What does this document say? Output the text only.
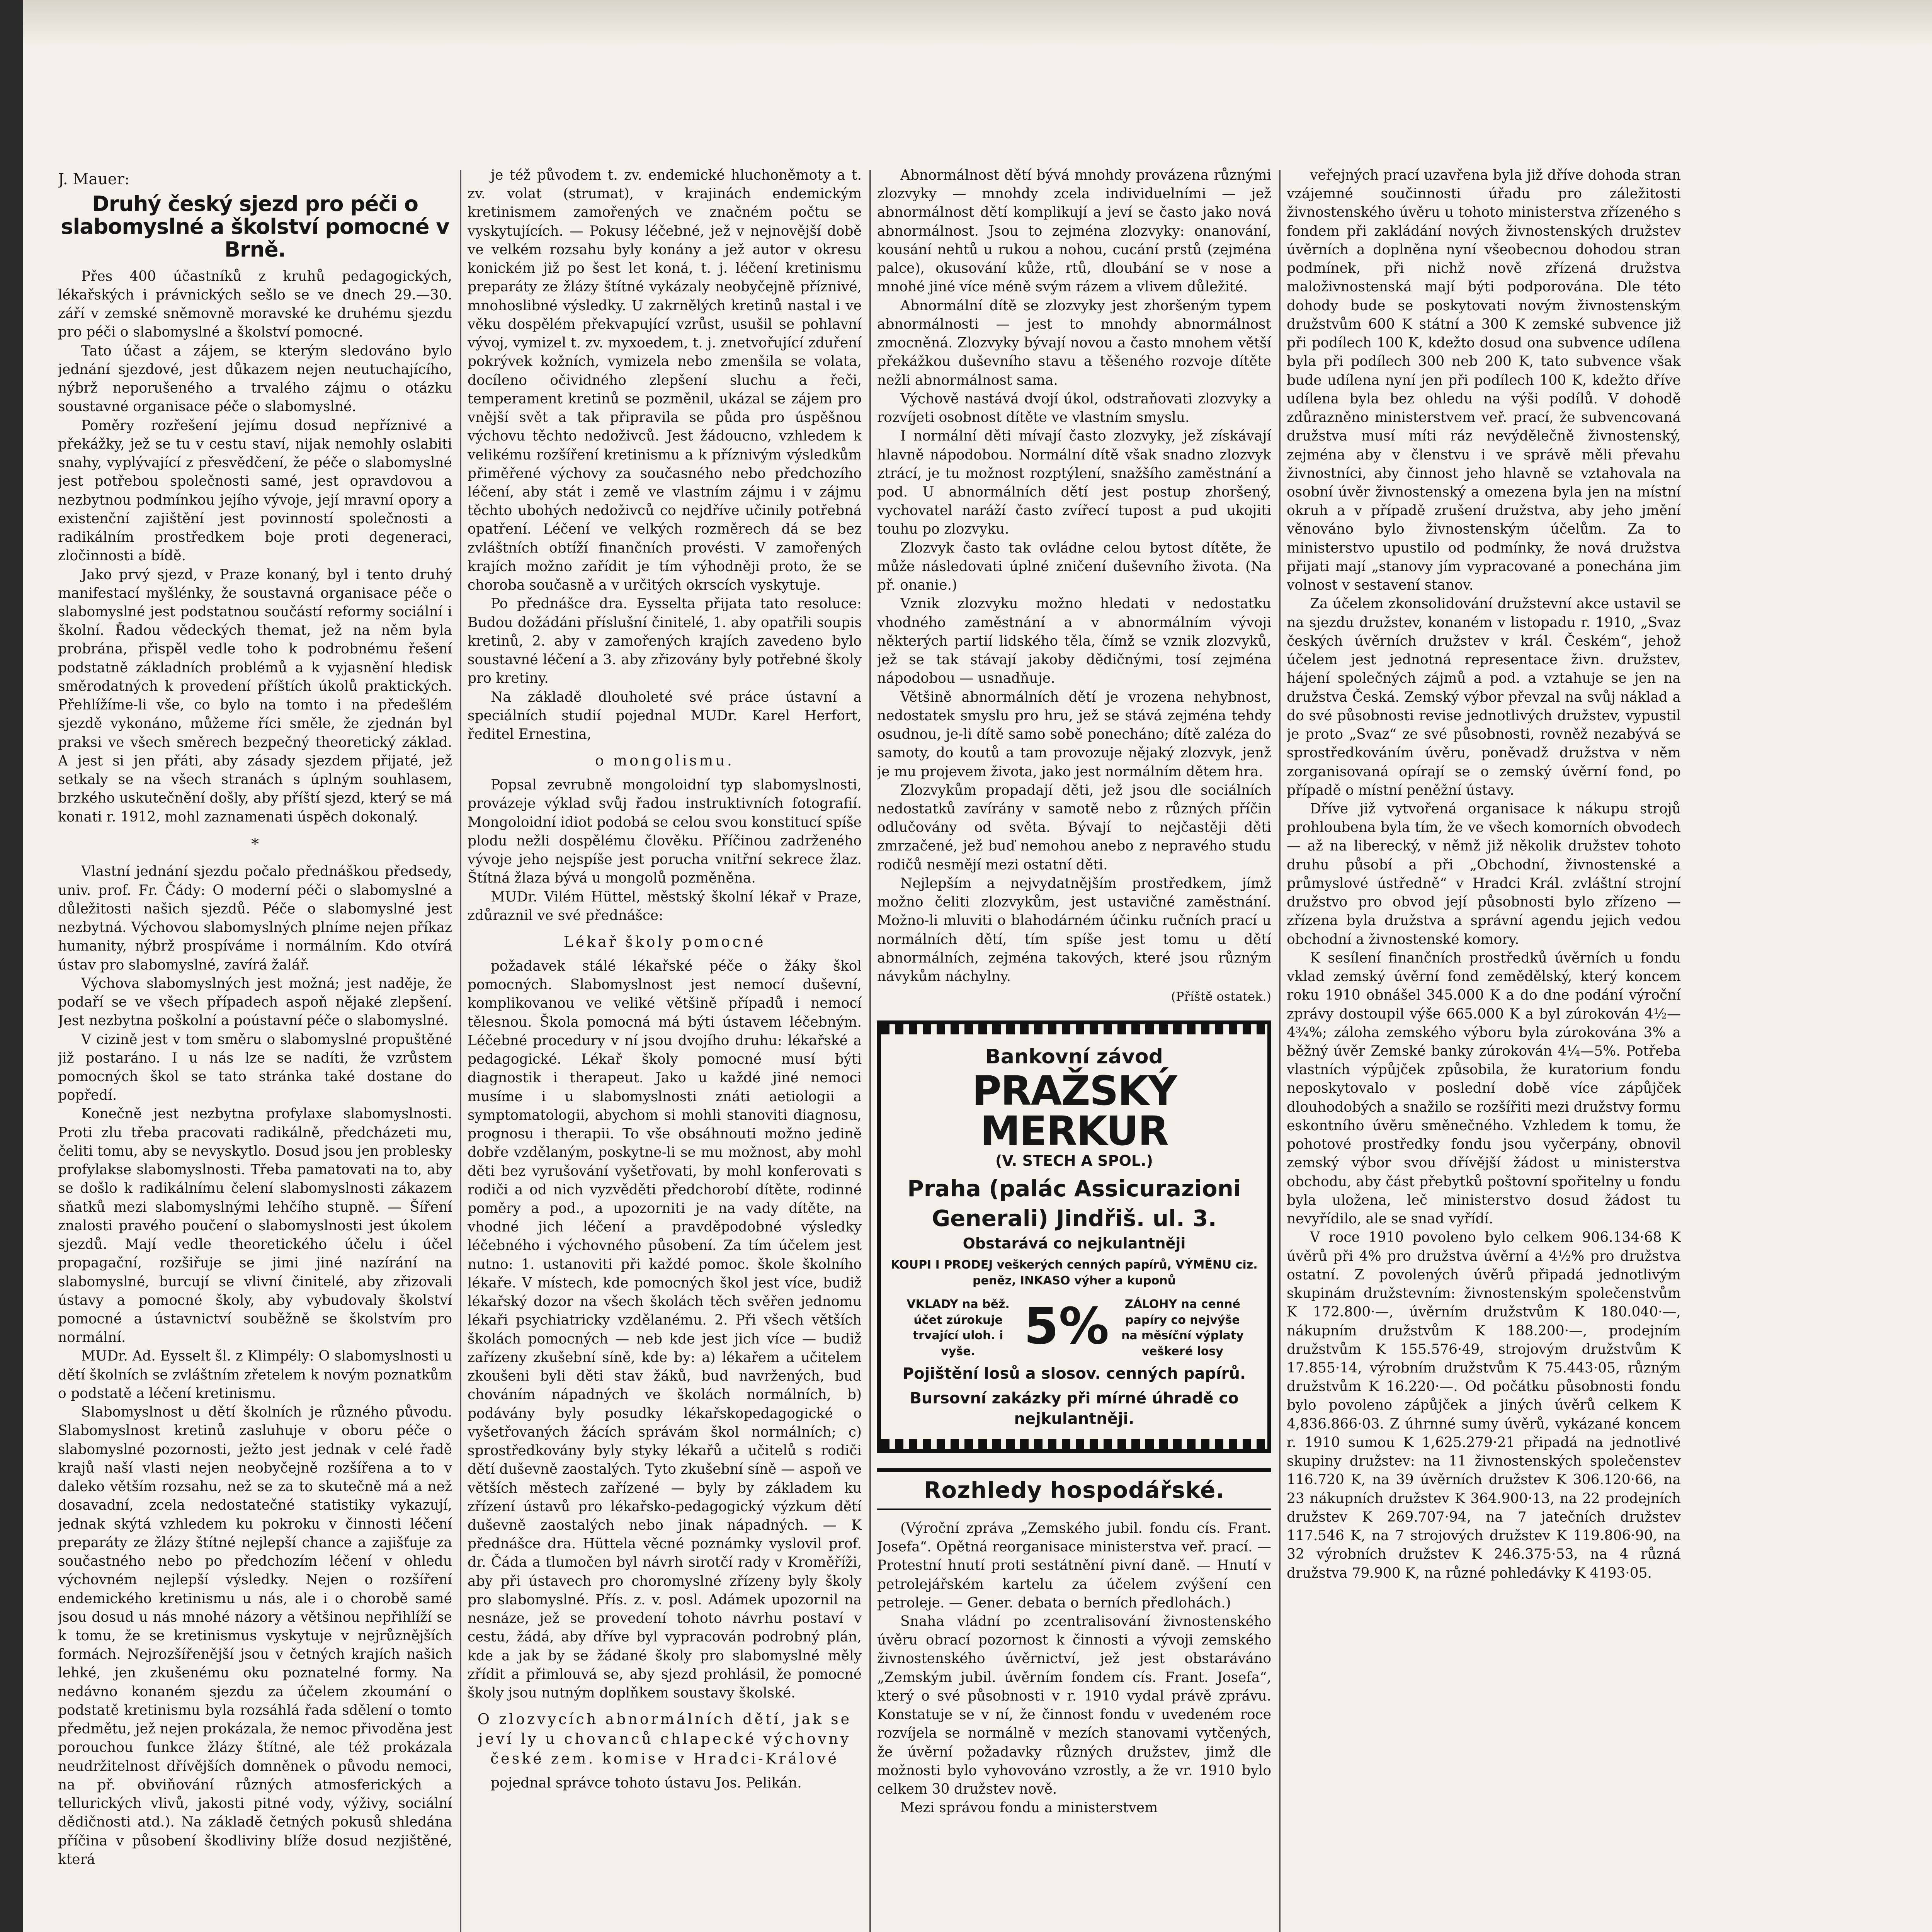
J. Mauer:

Druhý český sjezd pro péči o slabomyslné a školství pomocné v Brně.

Přes 400 účastníků z kruhů pedagogických, lékařských i právnických sešlo se ve dnech 29.—30. září v zemské sněmovně moravské ke druhému sjezdu pro péči o slabomyslné a školství pomocné.

Tato účast a zájem, se kterým sledováno bylo jednání sjezdové, jest důkazem nejen neutuchajícího, nýbrž neporušeného a trvalého zájmu o otázku soustavné organisace péče o slabomyslné.

Poměry rozřešení jejímu dosud nepříznivé a překážky, jež se tu v cestu staví, nijak nemohly oslabiti snahy, vyplývající z přesvědčení, že péče o slabomyslné jest potřebou společnosti samé, jest opravdovou a nezbytnou podmínkou jejího vývoje, její mravní opory a existenční zajištění jest povinností společnosti a radikálním prostředkem boje proti degeneraci, zločinnosti a bídě.

Jako prvý sjezd, v Praze konaný, byl i tento druhý manifestací myšlénky, že soustavná organisace péče o slabomyslné jest podstatnou součástí reformy sociální i školní. Řadou vědeckých themat, jež na něm byla probrána, přispěl vedle toho k podrobnému řešení podstatně základních problémů a k vyjasnění hledisk směrodatných k provedení příštích úkolů praktických. Přehlížíme-li vše, co bylo na tomto i na předešlém sjezdě vykonáno, můžeme říci směle, že zjednán byl praksi ve všech směrech bezpečný theoretický základ. A jest si jen přáti, aby zásady sjezdem přijaté, jež setkaly se na všech stranách s úplným souhlasem, brzkého uskutečnění došly, aby příští sjezd, který se má konati r. 1912, mohl zaznamenati úspěch dokonalý.

*

Vlastní jednání sjezdu počalo přednáškou předsedy, univ. prof. Fr. Čády: O moderní péči o slabomyslné a důležitosti našich sjezdů. Péče o slabomyslné jest nezbytná. Výchovou slabomyslných plníme nejen příkaz humanity, nýbrž prospíváme i normálním. Kdo otvírá ústav pro slabomyslné, zavírá žalář.

Výchova slabomyslných jest možná; jest naděje, že podaří se ve všech případech aspoň nějaké zlepšení. Jest nezbytna poškolní a poústavní péče o slabomyslné.

V cizině jest v tom směru o slabomyslné propuštěné již postaráno. I u nás lze se nadíti, že vzrůstem pomocných škol se tato stránka také dostane do popředí.

Konečně jest nezbytna profylaxe slabomyslnosti. Proti zlu třeba pracovati radikálně, předcházeti mu, čeliti tomu, aby se nevyskytlo. Dosud jsou jen problesky profylakse slabomyslnosti. Třeba pamatovati na to, aby se došlo k radikálnímu čelení slabomyslnosti zákazem sňatků mezi slabomyslnými lehčího stupně. — Šíření znalosti pravého poučení o slabomyslnosti jest úkolem sjezdů. Mají vedle theoretického účelu i účel propagační, rozšiřuje se jimi jiné nazírání na slabomyslné, burcují se vlivní činitelé, aby zřizovali ústavy a pomocné školy, aby vybudovaly školství pomocné a ústavnictví souběžně se školstvím pro normální.

MUDr. Ad. Eysselt šl. z Klimpély: O slabomyslnosti u dětí školních se zvláštním zřetelem k novým poznatkům o podstatě a léčení kretinismu.

Slabomyslnost u dětí školních je různého původu. Slabomyslnost kretinů zasluhuje v oboru péče o slabomyslné pozornosti, ježto jest jednak v celé řadě krajů naší vlasti nejen neobyčejně rozšířena a to v daleko větším rozsahu, než se za to skutečně má a než dosavadní, zcela nedostatečné statistiky vykazují, jednak skýtá vzhledem ku pokroku v činnosti léčení preparáty ze žlázy štítné nejlepší chance a zajišťuje za součastného nebo po předchozím léčení v ohledu výchovném nejlepší výsledky. Nejen o rozšíření endemického kretinismu u nás, ale i o chorobě samé jsou dosud u nás mnohé názory a většinou nepřihlíží se k tomu, že se kretinismus vyskytuje v nejrůznějších formách. Nejrozšířenější jsou v četných krajích našich lehké, jen zkušenému oku poznatelné formy. Na nedávno konaném sjezdu za účelem zkoumání o podstatě kretinismu byla rozsáhlá řada sdělení o tomto předmětu, jež nejen prokázala, že nemoc přivoděna jest porouchou funkce žlázy štítné, ale též prokázala neudržitelnost dřívějších domněnek o původu nemoci, na př. obviňování různých atmosferických a tellurických vlivů, jakosti pitné vody, výživy, sociální dědičnosti atd.). Na základě četných pokusů shledána příčina v působení škodliviny blíže dosud nezjištěné, která

je též původem t. zv. endemické hluchoněmoty a t. zv. volat (strumat), v krajinách endemickým kretinismem zamořených ve značném počtu se vyskytujících. — Pokusy léčebné, jež v nejnovější době ve velkém rozsahu byly konány a jež autor v okresu konickém již po šest let koná, t. j. léčení kretinismu preparáty ze žlázy štítné vykázaly neobyčejně příznivé, mnohoslibné výsledky. U zakrnělých kretinů nastal i ve věku dospělém překvapující vzrůst, usušil se pohlavní vývoj, vymizel t. zv. myxoedem, t. j. znetvořující zduření pokrývek kožních, vymizela nebo zmenšila se volata, docíleno očividného zlepšení sluchu a řeči, temperament kretinů se pozměnil, ukázal se zájem pro vnější svět a tak připravila se půda pro úspěšnou výchovu těchto nedoživců. Jest žádoucno, vzhledem k velikému rozšíření kretinismu a k příznivým výsledkům přiměřené výchovy za současného nebo předchozího léčení, aby stát i země ve vlastním zájmu i v zájmu těchto ubohých nedoživců co nejdříve učinily potřebná opatření. Léčení ve velkých rozměrech dá se bez zvláštních obtíží finančních provésti. V zamořených krajích možno zařídit je tím výhodněji proto, že se choroba současně a v určitých okrscích vyskytuje.

Po přednášce dra. Eysselta přijata tato resoluce: Budou dožádáni příslušní činitelé, 1. aby opatřili soupis kretinů, 2. aby v zamořených krajích zavedeno bylo soustavné léčení a 3. aby zřizovány byly potřebné školy pro kretiny.

Na základě dlouholeté své práce ústavní a speciálních studií pojednal MUDr. Karel Herfort, ředitel Ernestina,

o mongolismu.

Popsal zevrubně mongoloidní typ slabomyslnosti, provázeje výklad svůj řadou instruktivních fotografií. Mongoloidní idiot podobá se celou svou konstitucí spíše plodu nežli dospělému člověku. Příčinou zadrženého vývoje jeho nejspíše jest porucha vnitřní sekrece žlaz. Štítná žlaza bývá u mongolů pozměněna.

MUDr. Vilém Hüttel, městský školní lékař v Praze, zdůraznil ve své přednášce:

Lékař školy pomocné

požadavek stálé lékařské péče o žáky škol pomocných. Slabomyslnost jest nemocí duševní, komplikovanou ve veliké většině případů i nemocí tělesnou. Škola pomocná má býti ústavem léčebným. Léčebné procedury v ní jsou dvojího druhu: lékařské a pedagogické. Lékař školy pomocné musí býti diagnostik i therapeut. Jako u každé jiné nemoci musíme i u slabomyslnosti znáti aetiologii a symptomatologii, abychom si mohli stanoviti diagnosu, prognosu i therapii. To vše obsáhnouti možno jedině dobře vzdělaným, poskytne-li se mu možnost, aby mohl děti bez vyrušování vyšetřovati, by mohl konferovati s rodiči a od nich vyzvěděti předchorobí dítěte, rodinné poměry a pod., a upozorniti je na vady dítěte, na vhodné jich léčení a pravděpodobné výsledky léčebného i výchovného působení. Za tím účelem jest nutno: 1. ustanoviti při každé pomoc. škole školního lékaře. V místech, kde pomocných škol jest více, budiž lékařský dozor na všech školách těch svěřen jednomu lékaři psychiatricky vzdělanému. 2. Při všech větších školách pomocných — neb kde jest jich více — budiž zařízeny zkušební síně, kde by: a) lékařem a učitelem zkoušeni byli děti stav žáků, bud navržených, bud chováním nápadných ve školách normálních, b) podávány byly posudky lékařskopedagogické o vyšetřovaných žácích správám škol normálních; c) sprostředkovány byly styky lékařů a učitelů s rodiči dětí duševně zaostalých. Tyto zkušební síně — aspoň ve větších městech zařízené — byly by základem ku zřízení ústavů pro lékařsko-pedagogický výzkum dětí duševně zaostalých nebo jinak nápadných. — K přednášce dra. Hüttela věcné poznámky vyslovil prof. dr. Čáda a tlumočen byl návrh sirotčí rady v Kroměříži, aby při ústavech pro choromyslné zřízeny byly školy pro slabomyslné. Přís. z. v. posl. Adámek upozornil na nesnáze, jež se provedení tohoto návrhu postaví v cestu, žádá, aby dříve byl vypracován podrobný plán, kde a jak by se žádané školy pro slabomyslné měly zřídit a přimlouvá se, aby sjezd prohlásil, že pomocné školy jsou nutným doplňkem soustavy školské.

O zlozvycích abnormálních dětí, jak se jeví ly u chovanců chlapecké výchovny české zem. komise v Hradci-Králové

pojednal správce tohoto ústavu Jos. Pelikán.

Abnormálnost dětí bývá mnohdy provázena různými zlozvyky — mnohdy zcela individuelními — jež abnormálnost dětí komplikují a jeví se často jako nová abnormálnost. Jsou to zejména zlozvyky: onanování, kousání nehtů u rukou a nohou, cucání prstů (zejména palce), okusování kůže, rtů, dloubání se v nose a mnohé jiné více méně svým rázem a vlivem důležité.

Abnormální dítě se zlozvyky jest zhoršeným typem abnormálnosti — jest to mnohdy abnormálnost zmocněná. Zlozvyky bývají novou a často mnohem větší překážkou duševního stavu a těšeného rozvoje dítěte nežli abnormálnost sama.

Výchově nastává dvojí úkol, odstraňovati zlozvyky a rozvíjeti osobnost dítěte ve vlastním smyslu.

I normální děti mívají často zlozvyky, jež získávají hlavně nápodobou. Normální dítě však snadno zlozvyk ztrácí, je tu možnost rozptýlení, snažšího zaměstnání a pod. U abnormálních dětí jest postup zhoršený, vychovatel naráží často zvířecí tupost a pud ukojiti touhu po zlozvyku.

Zlozvyk často tak ovládne celou bytost dítěte, že může následovati úplné zničení duševního života. (Na př. onanie.)

Vznik zlozvyku možno hledati v nedostatku vhodného zaměstnání a v abnormálním vývoji některých partií lidského těla, čímž se vznik zlozvyků, jež se tak stávají jakoby dědičnými, tosí zejména nápodobou — usnadňuje.

Většině abnormálních dětí je vrozena nehybnost, nedostatek smyslu pro hru, jež se stává zejména tehdy osudnou, je-li dítě samo sobě ponecháno; dítě zaléza do samoty, do koutů a tam provozuje nějaký zlozvyk, jenž je mu projevem života, jako jest normálním dětem hra.

Zlozvykům propadají děti, jež jsou dle sociálních nedostatků zavírány v samotě nebo z různých příčin odlučovány od světa. Bývají to nejčastěji děti zmrzačené, jež buď nemohou anebo z nepravého studu rodičů nesmějí mezi ostatní děti.

Nejlepším a nejvydatnějším prostředkem, jímž možno čeliti zlozvykům, jest ustavičné zaměstnání. Možno-li mluviti o blahodárném účinku ručních prací u normálních dětí, tím spíše jest tomu u dětí abnormálních, zejména takových, které jsou různým návykům náchylny.

(Příště ostatek.)
Bankovní závod
PRAŽSKÝ MERKUR
(V. STECH A SPOL.)
Praha (palác Assicurazioni Generali) Jindřiš. ul. 3.
Obstarává co nejkulantněji
KOUPI I PRODEJ veškerých cenných papírů, VÝMĚNU ciz. peněz, INKASO výher a kuponů
VKLADY na běž. účet zúrokuje trvající uloh. i vyše. 5%	ZÁLOHY na cenné papíry co nejvýše na měsíční výplaty veškeré losy
Pojištění losů a slosov. cenných papírů.
Bursovní zakázky při mírné úhradě co nejkulantněji.
Rozhledy hospodářské.

(Výroční zpráva „Zemského jubil. fondu cís. Frant. Josefa“. Opětná reorganisace ministerstva veř. prací. — Protestní hnutí proti sestátnění pivní daně. — Hnutí v petrolejářském kartelu za účelem zvýšení cen petroleje. — Gener. debata o berních předlohách.)

Snaha vládní po zcentralisování živnostenského úvěru obrací pozornost k činnosti a vývoji zemského živnostenského úvěrnictví, jež jest obstaráváno „Zemským jubil. úvěrním fondem cís. Frant. Josefa“, který o své působnosti v r. 1910 vydal právě zprávu. Konstatuje se v ní, že činnost fondu v uvedeném roce rozvíjela se normálně v mezích stanovami vytčených, že úvěrní požadavky různých družstev, jimž dle možnosti bylo vyhovováno vzrostly, a že vr. 1910 bylo celkem 30 družstev nově.

Mezi správou fondu a ministerstvem

veřejných prací uzavřena byla již dříve dohoda stran vzájemné součinnosti úřadu pro záležitosti živnostenského úvěru u tohoto ministerstva zřízeného s fondem při zakládání nových živnostenských družstev úvěrních a doplněna nyní všeobecnou dohodou stran podmínek, při nichž nově zřízená družstva maloživnostenská mají býti podporována. Dle této dohody bude se poskytovati novým živnostenským družstvům 600 K státní a 300 K zemské subvence již při podílech 100 K, kdežto dosud ona subvence udílena byla při podílech 300 neb 200 K, tato subvence však bude udílena nyní jen při podílech 100 K, kdežto dříve udílena byla bez ohledu na výši podílů. V dohodě zdůrazněno ministerstvem veř. prací, že subvencovaná družstva musí míti ráz nevýdělečně živnostenský, zejména aby v členstvu i ve správě měli převahu živnostníci, aby činnost jeho hlavně se vztahovala na osobní úvěr živnostenský a omezena byla jen na místní okruh a v případě zrušení družstva, aby jeho jmění věnováno bylo živnostenským účelům. Za to ministerstvo upustilo od podmínky, že nová družstva přijati mají „stanovy jím vypracované a ponechána jim volnost v sestavení stanov.

Za účelem zkonsolidování družstevní akce ustavil se na sjezdu družstev, konaném v listopadu r. 1910, „Svaz českých úvěrních družstev v král. Českém“, jehož účelem jest jednotná representace živn. družstev, hájení společných zájmů a pod. a vztahuje se jen na družstva Česká. Zemský výbor převzal na svůj náklad a do své působnosti revise jednotlivých družstev, vypustil je proto „Svaz“ ze své působnosti, rovněž nezabývá se sprostředkováním úvěru, poněvadž družstva v něm zorganisovaná opírají se o zemský úvěrní fond, po případě o místní peněžní ústavy.

Dříve již vytvořená organisace k nákupu strojů prohloubena byla tím, že ve všech komorních obvodech — až na liberecký, v němž již několik družstev tohoto druhu působí a při „Obchodní, živnostenské a průmyslové ústředně“ v Hradci Král. zvláštní strojní družstvo pro obvod její působnosti bylo zřízeno — zřízena byla družstva a správní agendu jejich vedou obchodní a živnostenské komory.

K sesílení finančních prostředků úvěrních u fondu vklad zemský úvěrní fond zemědělský, který koncem roku 1910 obnášel 345.000 K a do dne podání výroční zprávy dostoupil výše 665.000 K a byl zúrokován 4½—4¾%; záloha zemského výboru byla zúrokována 3% a běžný úvěr Zemské banky zúrokován 4¼—5%. Potřeba vlastních výpůjček způsobila, že kuratorium fondu neposkytovalo v poslední době více zápůjček dlouhodobých a snažilo se rozšířiti mezi družstvy formu eskontního úvěru směnečného. Vzhledem k tomu, že pohotové prostředky fondu jsou vyčerpány, obnovil zemský výbor svou dřívější žádost u ministerstva obchodu, aby část přebytků poštovní spořitelny u fondu byla uložena, leč ministerstvo dosud žádost tu nevyřídilo, ale se snad vyřídí.

V roce 1910 povoleno bylo celkem 906.134·68 K úvěrů při 4% pro družstva úvěrní a 4½% pro družstva ostatní. Z povolených úvěrů připadá jednotlivým skupinám družstevním: živnostenským společenstvům K 172.800·—, úvěrním družstvům K 180.040·—, nákupním družstvům K 188.200·—, prodejním družstvům K 155.576·49, strojovým družstvům K 17.855·14, výrobním družstvům K 75.443·05, různým družstvům K 16.220·—. Od počátku působnosti fondu bylo povoleno zápůjček a jiných úvěrů celkem K 4,836.866·03. Z úhrnné sumy úvěrů, vykázané koncem r. 1910 sumou K 1,625.279·21 připadá na jednotlivé skupiny družstev: na 11 živnostenských společenstev 116.720 K, na 39 úvěrních družstev K 306.120·66, na 23 nákupních družstev K 364.900·13, na 22 prodejních družstev K 269.707·94, na 7 jatečních družstev 117.546 K, na 7 strojových družstev K 119.806·90, na 32 výrobních družstev K 246.375·53, na 4 různá družstva 79.900 K, na různé pohledávky K 4193·05.
